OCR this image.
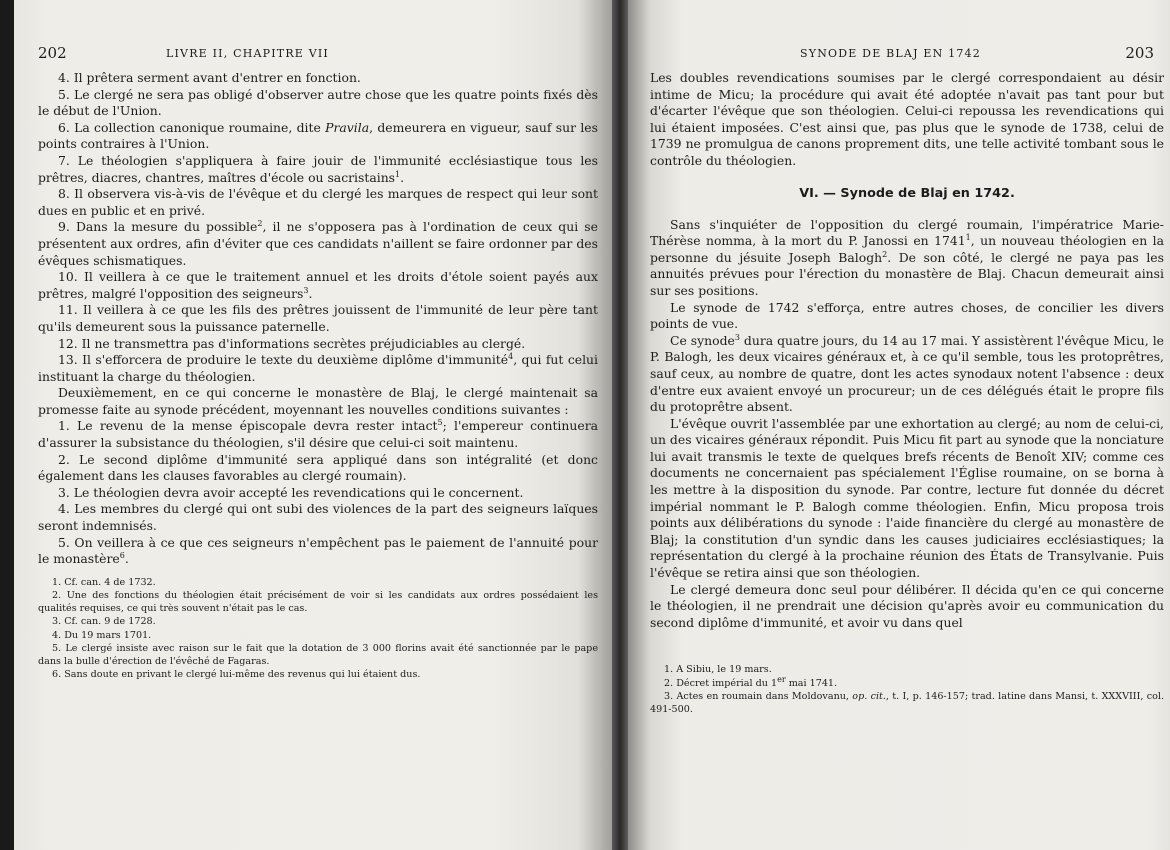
202	LIVRE II, CHAPITRE VII

4. Il prêtera serment avant d'entrer en fonction.

5. Le clergé ne sera pas obligé d'observer autre chose que les quatre points fixés dès le début de l'Union.

6. La collection canonique roumaine, dite Pravila, demeurera en vigueur, sauf sur les points contraires à l'Union.

7. Le théologien s'appliquera à faire jouir de l'immunité ecclésiastique tous les prêtres, diacres, chantres, maîtres d'école ou sacristains$^1$.

8. Il observera vis-à-vis de l'évêque et du clergé les marques de respect qui leur sont dues en public et en privé.

9. Dans la mesure du possible$^2$, il ne s'opposera pas à l'ordination de ceux qui se présentent aux ordres, afin d'éviter que ces candidats n'aillent se faire ordonner par des évêques schismatiques.

10. Il veillera à ce que le traitement annuel et les droits d'étole soient payés aux prêtres, malgré l'opposition des seigneurs$^3$.

11. Il veillera à ce que les fils des prêtres jouissent de l'immunité de leur père tant qu'ils demeurent sous la puissance paternelle.

12. Il ne transmettra pas d'informations secrètes préjudiciables au clergé.

13. Il s'efforcera de produire le texte du deuxième diplôme d'immunité$^4$, qui fut celui instituant la charge du théologien.

Deuxièmement, en ce qui concerne le monastère de Blaj, le clergé maintenait sa promesse faite au synode précédent, moyennant les nouvelles conditions suivantes :

1. Le revenu de la mense épiscopale devra rester intact$^5$; l'empereur continuera d'assurer la subsistance du théologien, s'il désire que celui-ci soit maintenu.

2. Le second diplôme d'immunité sera appliqué dans son intégralité (et donc également dans les clauses favorables au clergé roumain).

3. Le théologien devra avoir accepté les revendications qui le concernent.

4. Les membres du clergé qui ont subi des violences de la part des seigneurs laïques seront indemnisés.

5. On veillera à ce que ces seigneurs n'empêchent pas le paiement de l'annuité pour le monastère$^6$.

1. Cf. can. 4 de 1732.

2. Une des fonctions du théologien était précisément de voir si les candidats aux ordres possédaient les qualités requises, ce qui très souvent n'était pas le cas.

3. Cf. can. 9 de 1728.

4. Du 19 mars 1701.

5. Le clergé insiste avec raison sur le fait que la dotation de 3 000 florins avait été sanctionnée par le pape dans la bulle d'érection de l'évêché de Fagaras.

6. Sans doute en privant le clergé lui-même des revenus qui lui étaient dus.

SYNODE DE BLAJ EN 1742	203

Les doubles revendications soumises par le clergé correspondaient au désir intime de Micu; la procédure qui avait été adoptée n'avait pas tant pour but d'écarter l'évêque que son théologien. Celui-ci repoussa les revendications qui lui étaient imposées. C'est ainsi que, pas plus que le synode de 1738, celui de 1739 ne promulgua de canons proprement dits, une telle activité tombant sous le contrôle du théologien.

VI. — Synode de Blaj en 1742.

Sans s'inquiéter de l'opposition du clergé roumain, l'impératrice Marie-Thérèse nomma, à la mort du P. Janossi en 1741$^1$, un nouveau théologien en la personne du jésuite Joseph Balogh$^2$. De son côté, le clergé ne paya pas les annuités prévues pour l'érection du monastère de Blaj. Chacun demeurait ainsi sur ses positions.

Le synode de 1742 s'efforça, entre autres choses, de concilier les divers points de vue.

Ce synode$^3$ dura quatre jours, du 14 au 17 mai. Y assistèrent l'évêque Micu, le P. Balogh, les deux vicaires généraux et, à ce qu'il semble, tous les protoprêtres, sauf ceux, au nombre de quatre, dont les actes synodaux notent l'absence : deux d'entre eux avaient envoyé un procureur; un de ces délégués était le propre fils du protoprêtre absent.

L'évêque ouvrit l'assemblée par une exhortation au clergé; au nom de celui-ci, un des vicaires généraux répondit. Puis Micu fit part au synode que la nonciature lui avait transmis le texte de quelques brefs récents de Benoît XIV; comme ces documents ne concernaient pas spécialement l'Église roumaine, on se borna à les mettre à la disposition du synode. Par contre, lecture fut donnée du décret impérial nommant le P. Balogh comme théologien. Enfin, Micu proposa trois points aux délibérations du synode : l'aide financière du clergé au monastère de Blaj; la constitution d'un syndic dans les causes judiciaires ecclésiastiques; la représentation du clergé à la prochaine réunion des États de Transylvanie. Puis l'évêque se retira ainsi que son théologien.

Le clergé demeura donc seul pour délibérer. Il décida qu'en ce qui concerne le théologien, il ne prendrait une décision qu'après avoir eu communication du second diplôme d'immunité, et avoir vu dans quel

1. A Sibiu, le 19 mars.

2. Décret impérial du 1er mai 1741.

3. Actes en roumain dans Moldovanu, op. cit., t. I, p. 146-157; trad. latine dans Mansi, t. XXXVIII, col. 491-500.
